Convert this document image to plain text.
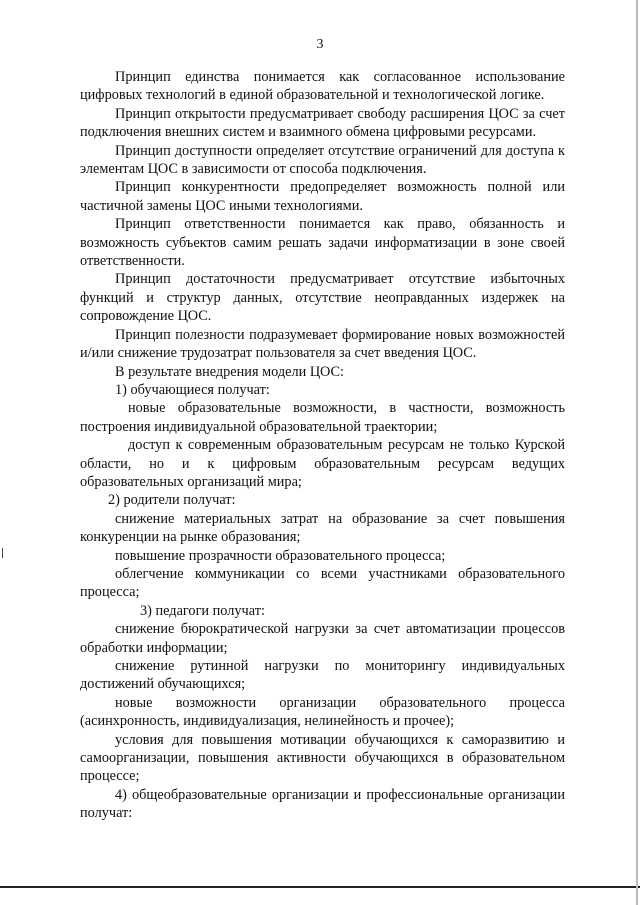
3

Принцип единства понимается как согласованное использование цифровых технологий в единой образовательной и технологической логике.

Принцип открытости предусматривает свободу расширения ЦОС за счет подключения внешних систем и взаимного обмена цифровыми ресурсами.

Принцип доступности определяет отсутствие ограничений для доступа к элементам ЦОС в зависимости от способа подключения.

Принцип конкурентности предопределяет возможность полной или частичной замены ЦОС иными технологиями.

Принцип ответственности понимается как право, обязанность и возможность субъектов самим решать задачи информатизации в зоне своей ответственности.

Принцип достаточности предусматривает отсутствие избыточных функций и структур данных, отсутствие неоправданных издержек на сопровождение ЦОС.

Принцип полезности подразумевает формирование новых возможностей и/или снижение трудозатрат пользователя за счет введения ЦОС.

В результате внедрения модели ЦОС:

1) обучающиеся получат:

новые образовательные возможности, в частности, возможность построения индивидуальной образовательной траектории;

доступ к современным образовательным ресурсам не только Курской области, но и к цифровым образовательным ресурсам ведущих образовательных организаций мира;

2) родители получат:

снижение материальных затрат на образование за счет повышения конкуренции на рынке образования;

повышение прозрачности образовательного процесса;

облегчение коммуникации со всеми участниками образовательного процесса;

3) педагоги получат:

снижение бюрократической нагрузки за счет автоматизации процессов обработки информации;

снижение рутинной нагрузки по мониторингу индивидуальных достижений обучающихся;

новые возможности организации образовательного процесса (асинхронность, индивидуализация, нелинейность и прочее);

условия для повышения мотивации обучающихся к саморазвитию и самоорганизации, повышения активности обучающихся в образовательном процессе;

4) общеобразовательные организации и профессиональные организации получат:
